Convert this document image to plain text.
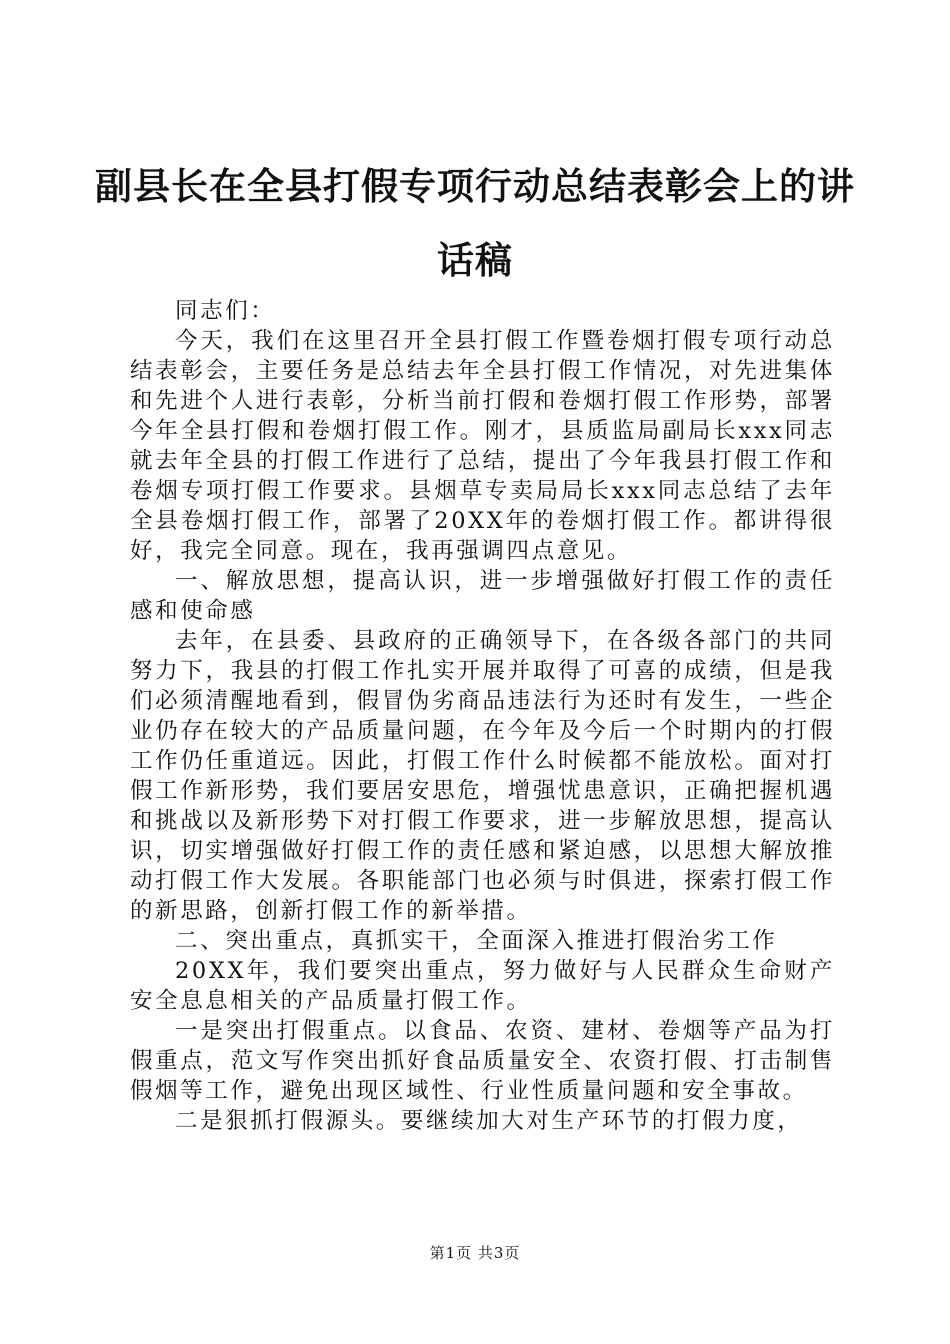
副县长在全县打假专项行动总结表彰会上的讲话稿

同志们：

今天，我们在这里召开全县打假工作暨卷烟打假专项行动总结表彰会，主要任务是总结去年全县打假工作情况，对先进集体和先进个人进行表彰，分析当前打假和卷烟打假工作形势，部署今年全县打假和卷烟打假工作。刚才，县质监局副局长xxx同志就去年全县的打假工作进行了总结，提出了今年我县打假工作和卷烟专项打假工作要求。县烟草专卖局局长xxx同志总结了去年全县卷烟打假工作，部署了20XX年的卷烟打假工作。都讲得很好，我完全同意。现在，我再强调四点意见。

一、解放思想，提高认识，进一步增强做好打假工作的责任感和使命感

去年，在县委、县政府的正确领导下，在各级各部门的共同努力下，我县的打假工作扎实开展并取得了可喜的成绩，但是我们必须清醒地看到，假冒伪劣商品违法行为还时有发生，一些企业仍存在较大的产品质量问题，在今年及今后一个时期内的打假工作仍任重道远。因此，打假工作什么时候都不能放松。面对打假工作新形势，我们要居安思危，增强忧患意识，正确把握机遇和挑战以及新形势下对打假工作要求，进一步解放思想，提高认识，切实增强做好打假工作的责任感和紧迫感，以思想大解放推动打假工作大发展。各职能部门也必须与时俱进，探索打假工作的新思路，创新打假工作的新举措。

二、突出重点，真抓实干，全面深入推进打假治劣工作

20XX年，我们要突出重点，努力做好与人民群众生命财产安全息息相关的产品质量打假工作。

一是突出打假重点。以食品、农资、建材、卷烟等产品为打假重点，范文写作突出抓好食品质量安全、农资打假、打击制售假烟等工作，避免出现区域性、行业性质量问题和安全事故。

二是狠抓打假源头。要继续加大对生产环节的打假力度，

第1页 共3页
